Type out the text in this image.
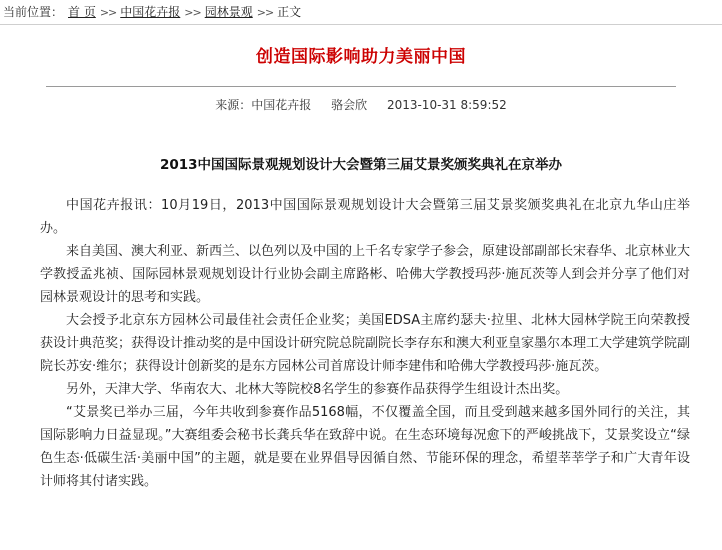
当前位置： 首 页 >> 中国花卉报 >> 园林景观 >> 正文
创造国际影响助力美丽中国
来源：中国花卉报 骆会欣 2013-10-31 8:59:52
2013中国国际景观规划设计大会暨第三届艾景奖颁奖典礼在京举办

中国花卉报讯：10月19日，2013中国国际景观规划设计大会暨第三届艾景奖颁奖典礼在北京九华山庄举办。

来自美国、澳大利亚、新西兰、以色列以及中国的上千名专家学子参会，原建设部副部长宋春华、北京林业大学教授孟兆祯、国际园林景观规划设计行业协会副主席路彬、哈佛大学教授玛莎·施瓦茨等人到会并分享了他们对园林景观设计的思考和实践。

大会授予北京东方园林公司最佳社会责任企业奖；美国EDSA主席约瑟夫·拉里、北林大园林学院王向荣教授获设计典范奖；获得设计推动奖的是中国设计研究院总院副院长李存东和澳大利亚皇家墨尔本理工大学建筑学院副院长苏安·维尔；获得设计创新奖的是东方园林公司首席设计师李建伟和哈佛大学教授玛莎·施瓦茨。

另外，天津大学、华南农大、北林大等院校8名学生的参赛作品获得学生组设计杰出奖。

“艾景奖已举办三届，今年共收到参赛作品5168幅，不仅覆盖全国，而且受到越来越多国外同行的关注，其国际影响力日益显现。”大赛组委会秘书长龚兵华在致辞中说。在生态环境每况愈下的严峻挑战下，艾景奖设立“绿色生态·低碳生活·美丽中国”的主题，就是要在业界倡导因循自然、节能环保的理念，希望莘莘学子和广大青年设计师将其付诸实践。
